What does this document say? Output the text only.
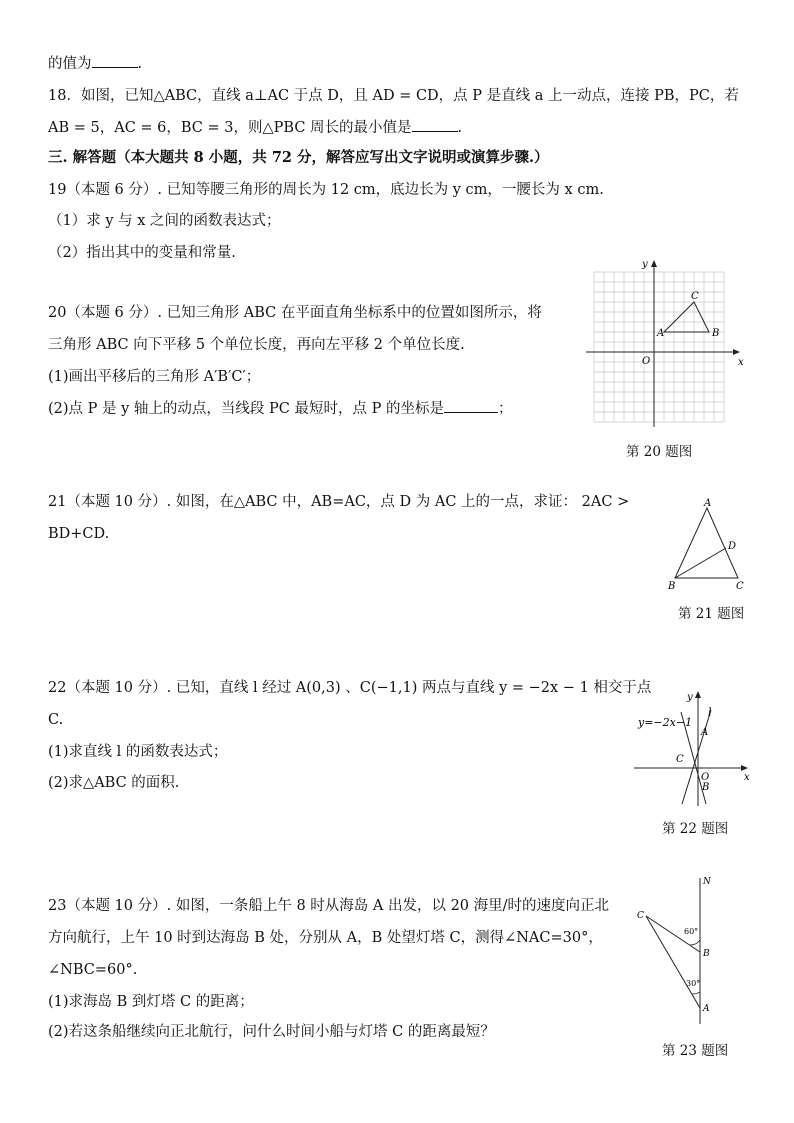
的值为	.
18．如图，已知△ABC，直线 a⊥AC 于点 D，且 AD = CD，点 P 是直线 a 上一动点，连接 PB，PC，若
AB = 5，AC = 6，BC = 3，则△PBC 周长的最小值是	.
三. 解答题（本大题共 8 小题，共 72 分，解答应写出文字说明或演算步骤.）
19（本题 6 分）. 已知等腰三角形的周长为 12 cm，底边长为 y cm，一腰长为 x cm.
（1）求 y 与 x 之间的函数表达式；
（2）指出其中的变量和常量.
20（本题 6 分）. 已知三角形 ABC 在平面直角坐标系中的位置如图所示，将
三角形 ABC 向下平移 5 个单位长度，再向左平移 2 个单位长度.
(1)画出平移后的三角形 A′B′C′；
(2)点 P 是 y 轴上的动点，当线段 PC 最短时，点 P 的坐标是	；
y
x
O
A	B
C
第 20 题图
21（本题 10 分）. 如图，在△ABC 中，AB=AC，点 D 为 AC 上的一点，求证： 2AC >
BD+CD.
A
B	C
D
第 21 题图
22（本题 10 分）. 已知，直线 l 经过 A(0,3) 、C(−1,1) 两点与直线 y = −2x − 1 相交于点
C.
(1)求直线 l 的函数表达式；
(2)求△ABC 的面积.
y=−2x−1
l
y
x
O
A
B
C
第 22 题图
23（本题 10 分）. 如图，一条船上午 8 时从海岛 A 出发，以 20 海里/时的速度向正北
方向航行，上午 10 时到达海岛 B 处，分别从 A，B 处望灯塔 C，测得∠NAC=30°，
∠NBC=60°.
(1)求海岛 B 到灯塔 C 的距离；
(2)若这条船继续向正北航行，问什么时间小船与灯塔 C 的距离最短？
N
C
B
A
60°
30°
第 23 题图
